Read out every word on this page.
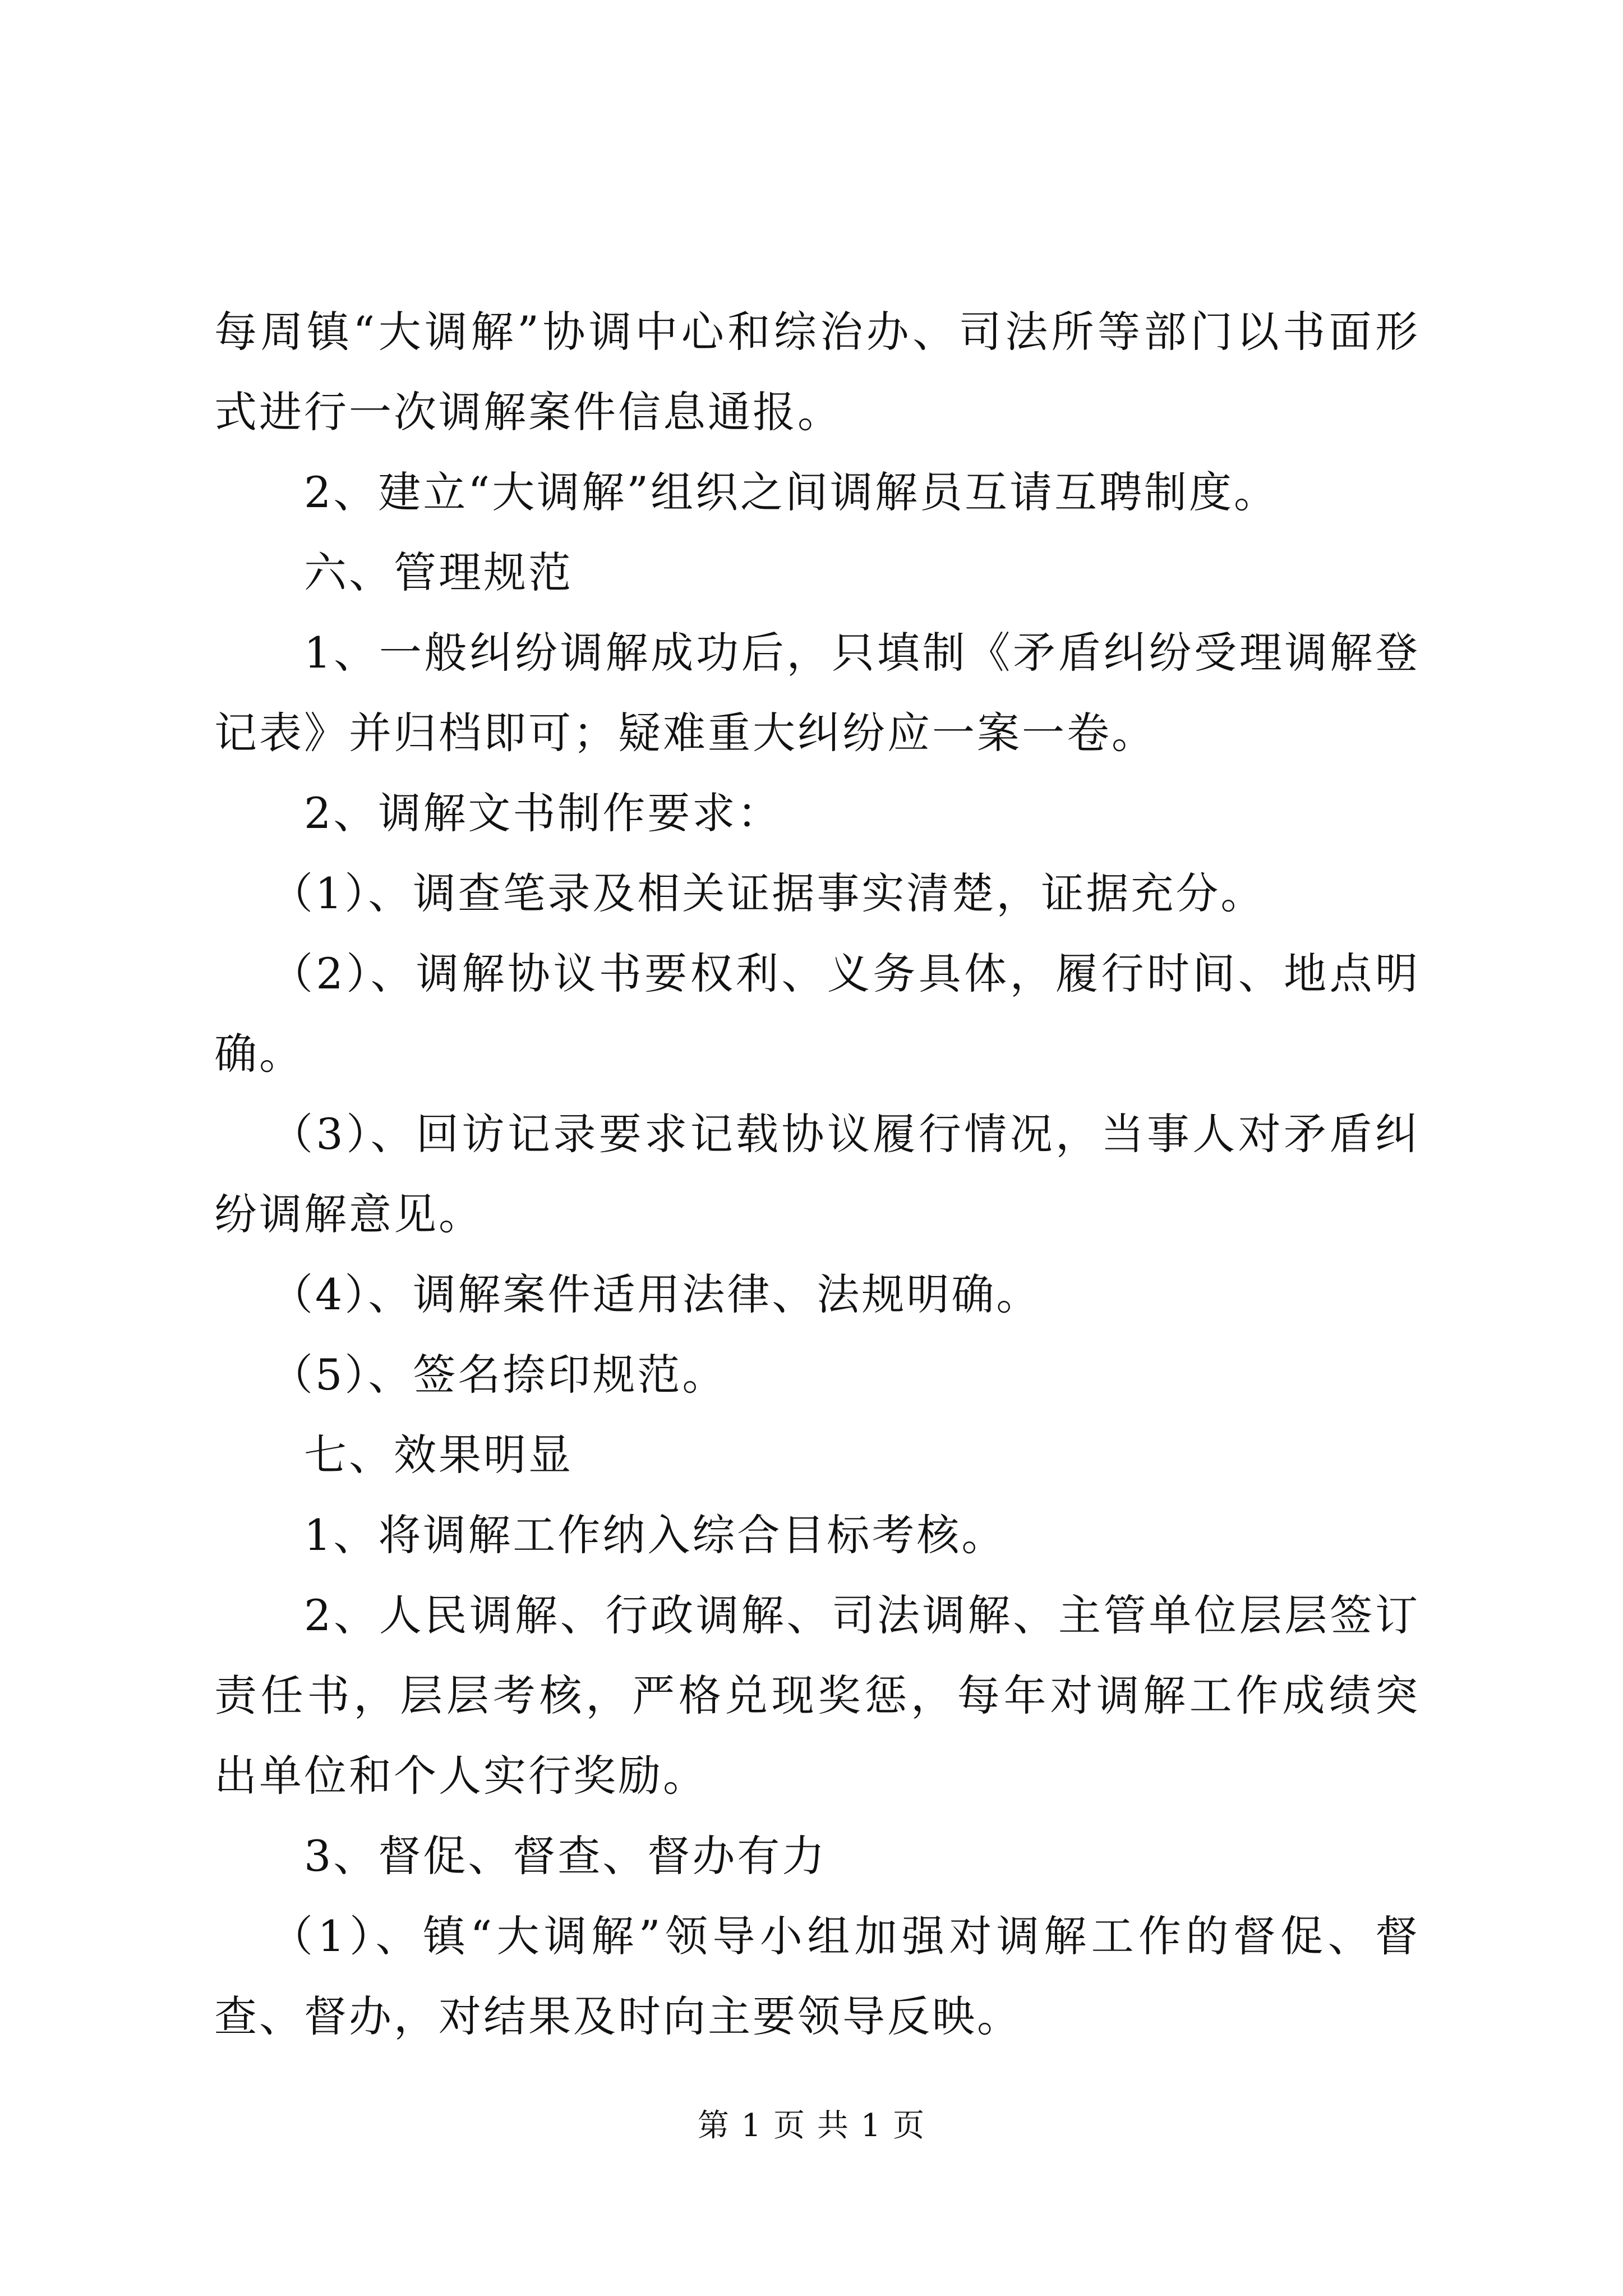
每周镇“大调解”协调中心和综治办、司法所等部门以书面形式进行一次调解案件信息通报。

2、建立“大调解”组织之间调解员互请互聘制度。

六、管理规范

1、一般纠纷调解成功后，只填制《矛盾纠纷受理调解登记表》并归档即可；疑难重大纠纷应一案一卷。

2、调解文书制作要求：

（1）、调查笔录及相关证据事实清楚，证据充分。

（2）、调解协议书要权利、义务具体，履行时间、地点明确。

（3）、回访记录要求记载协议履行情况，当事人对矛盾纠纷调解意见。

（4）、调解案件适用法律、法规明确。

（5）、签名捺印规范。

七、效果明显

1、将调解工作纳入综合目标考核。

2、人民调解、行政调解、司法调解、主管单位层层签订责任书，层层考核，严格兑现奖惩，每年对调解工作成绩突出单位和个人实行奖励。

3、督促、督查、督办有力

（1）、镇“大调解”领导小组加强对调解工作的督促、督查、督办，对结果及时向主要领导反映。

第 1 页 共 1 页
